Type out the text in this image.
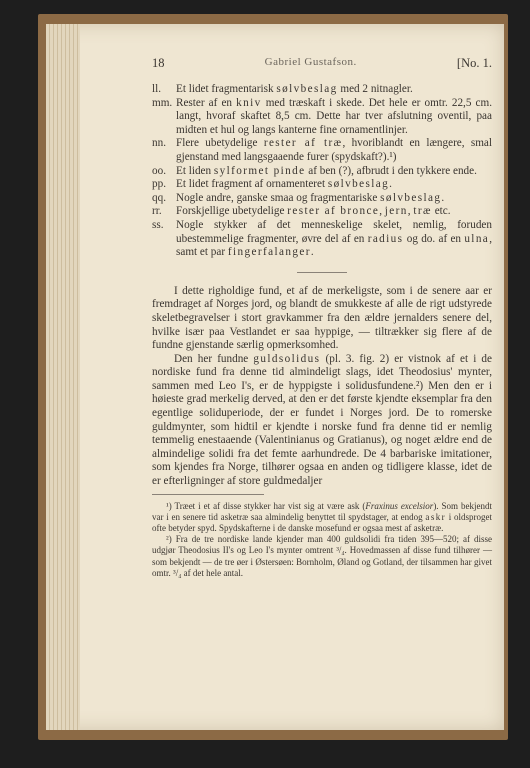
18	Gabriel Gustafson.	[No. 1.
ll.	Et lidet fragmentarisk sølvbeslag med 2 nitnagler.
mm. Rester af en kniv med træskaft i skede. Det hele er omtr. 22,5 cm. langt, hvoraf skaftet 8,5 cm. Dette har tver afslutning oventil, paa midten et hul og langs kanterne fine ornamentlinjer.
nn. Flere ubetydelige rester af træ, hvoriblandt en længere, smal gjenstand med langsgaaende furer (spydskaft?).¹)
oo. Et liden sylformet pinde af ben (?), afbrudt i den tykkere ende.
pp. Et lidet fragment af ornamenteret sølvbeslag.
qq. Nogle andre, ganske smaa og fragmentariske sølvbeslag.
rr.	Forskjellige ubetydelige rester af bronce, jern, træ etc.
ss.	Nogle stykker af det menneskelige skelet, nemlig, foruden ubestemmelige fragmenter, øvre del af en radius og do. af en ulna, samt et par fingerfalanger.

I dette righoldige fund, et af de merkeligste, som i de senere aar er fremdraget af Norges jord, og blandt de smukkeste af alle de rigt udstyrede skeletbegravelser i stort gravkammer fra den ældre jernalders senere del, hvilke især paa Vestlandet er saa hyppige, — tiltrækker sig flere af de fundne gjenstande særlig opmerksomhed.

Den her fundne guldsolidus (pl. 3. fig. 2) er vistnok af et i de nordiske fund fra denne tid almindeligt slags, idet Theodosius' mynter, sammen med Leo I's, er de hyppigste i solidusfundene.²) Men den er i høieste grad merkelig derved, at den er det første kjendte eksemplar fra den egentlige soliduperiode, der er fundet i Norges jord. De to romerske guldmynter, som hidtil er kjendte i norske fund fra denne tid er nemlig temmelig enestaaende (Valentinianus og Gratianus), og noget ældre end de almindelige solidi fra det femte aarhundrede. De 4 barbariske imitationer, som kjendes fra Norge, tilhører ogsaa en anden og tidligere klasse, idet de er efterligninger af store guldmedaljer

¹) Træet i et af disse stykker har vist sig at være ask (Fraxinus excelsior). Som bekjendt var i en senere tid asketræ saa almindelig benyttet til spydstager, at endog askr i oldsproget ofte betyder spyd. Spydskafterne i de danske mosefund er ogsaa mest af asketræ.

²) Fra de tre nordiske lande kjender man 400 guldsolidi fra tiden 395—520; af disse udgjør Theodosius II's og Leo I's mynter omtrent ³/₄. Hovedmassen af disse fund tilhører — som bekjendt — de tre øer i Østersøen: Bornholm, Øland og Gotland, der tilsammen har givet omtr. ³/₄ af det hele antal.
